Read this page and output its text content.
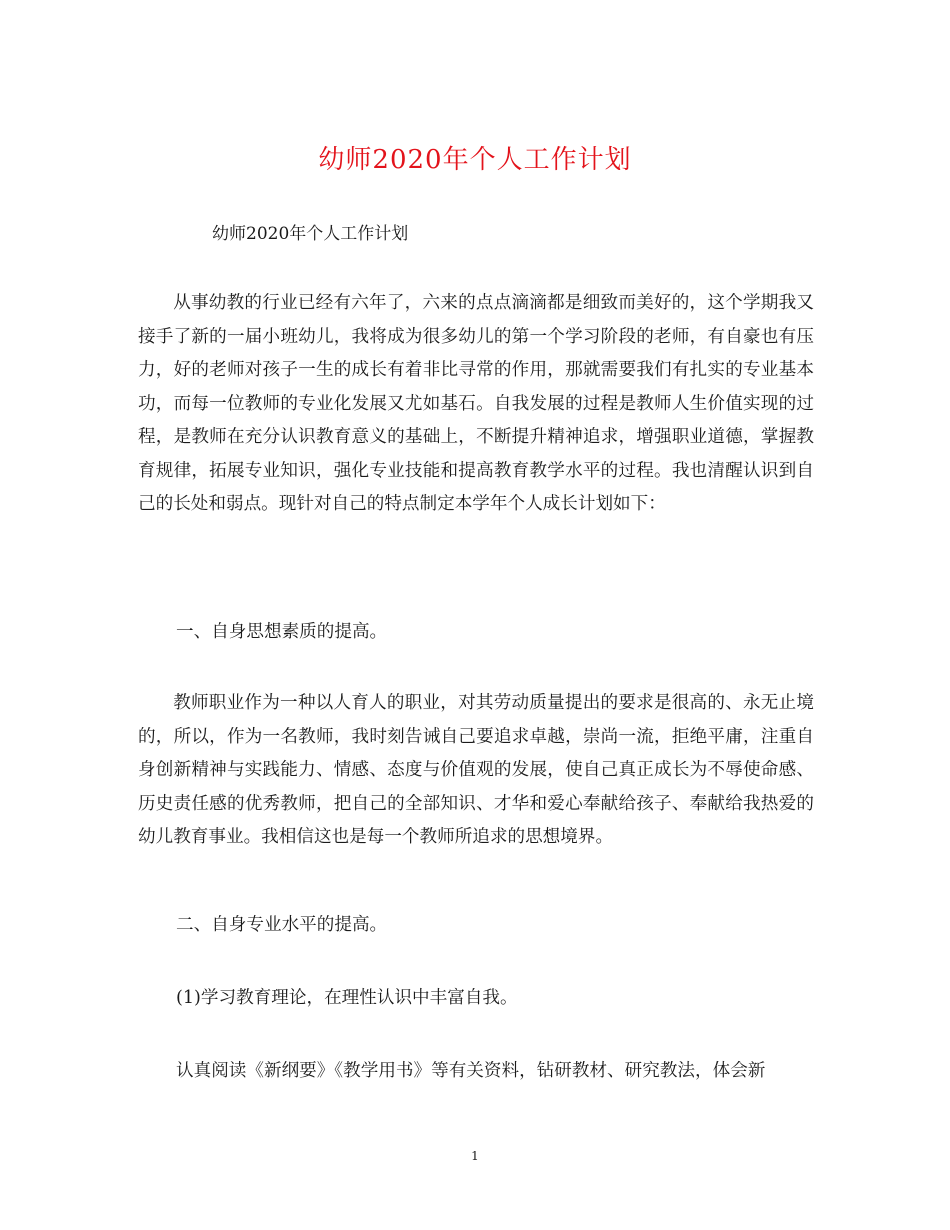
幼师2020年个人工作计划
幼师2020年个人工作计划

从事幼教的行业已经有六年了，六来的点点滴滴都是细致而美好的，这个学期我又接手了新的一届小班幼儿，我将成为很多幼儿的第一个学习阶段的老师，有自豪也有压力，好的老师对孩子一生的成长有着非比寻常的作用，那就需要我们有扎实的专业基本功，而每一位教师的专业化发展又尤如基石。自我发展的过程是教师人生价值实现的过程，是教师在充分认识教育意义的基础上，不断提升精神追求，增强职业道德，掌握教育规律，拓展专业知识，强化专业技能和提高教育教学水平的过程。我也清醒认识到自己的长处和弱点。现针对自己的特点制定本学年个人成长计划如下：

一、自身思想素质的提高。

教师职业作为一种以人育人的职业，对其劳动质量提出的要求是很高的、永无止境的，所以，作为一名教师，我时刻告诫自己要追求卓越，崇尚一流，拒绝平庸，注重自身创新精神与实践能力、情感、态度与价值观的发展，使自己真正成长为不辱使命感、历史责任感的优秀教师，把自己的全部知识、才华和爱心奉献给孩子、奉献给我热爱的幼儿教育事业。我相信这也是每一个教师所追求的思想境界。

二、自身专业水平的提高。

(1)学习教育理论，在理性认识中丰富自我。

认真阅读《新纲要》《教学用书》等有关资料，钻研教材、研究教法，体会新

1
